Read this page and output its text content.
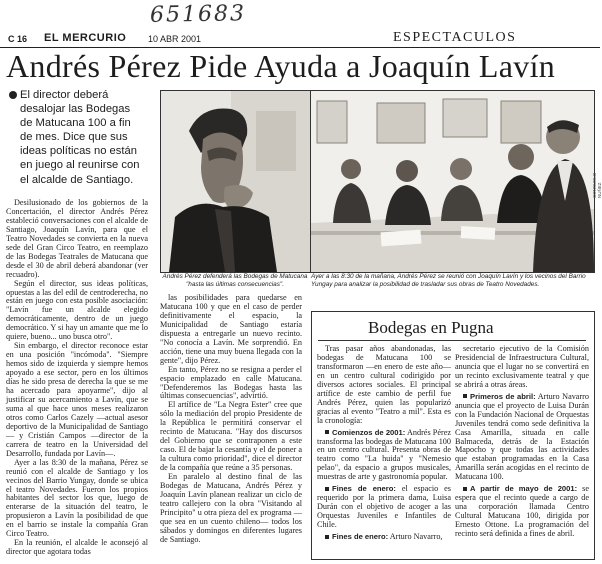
651683
C 16 EL MERCURIO 10 ABR 2001	ESPECTACULOS
Andrés Pérez Pide Ayuda a Joaquín Lavín
El director deberá desalojar las Bodegas de Matucana 100 a fin de mes. Dice que sus ideas políticas no están en juego al reunirse con el alcalde de Santiago.
Andrés Pérez defenderá las Bodegas de Matucana "hasta las últimas consecuencias".
Ayer a las 8:30 de la mañana, Andrés Pérez se reunió con Joaquín Lavín y los vecinos del Barrio Yungay para analizar la posibilidad de trasladar sus obras de Teatro Novedades.
CONSUELO NUÑEZ

Desilusionado de los gobiernos de la Concertación, el director Andrés Pérez estableció conversaciones con el alcalde de Santiago, Joaquín Lavín, para que el Teatro Novedades se convierta en la nueva sede del Gran Circo Teatro, en reemplazo de las Bodegas Teatrales de Matucana que desde el 30 de abril deberá abandonar (ver recuadro).

Según el director, sus ideas políticas, opuestas a las del edil de centroderecha, no están en juego con esta posible asociación: "Lavín fue un alcalde elegido democráticamente, dentro de un juego democrático. Y si hay un amante que me lo quiere, bueno... uno busca otro".

Sin embargo, el director reconoce estar en una posición "incómoda". "Siempre hemos sido de izquierda y siempre hemos apoyado a ese sector, pero en los últimos días he sido presa de derecha la que se me ha acercado para apoyarme", dijo al justificar su acercamiento a Lavín, que se suma al que hace unos meses realizaron otros como Carlos Cazely —actual asesor deportivo de la Municipalidad de Santiago— y Cristián Campos —director de la carrera de teatro en la Universidad del Desarrollo, fundada por Lavín—.

Ayer a las 8:30 de la mañana, Pérez se reunió con el alcalde de Santiago y los vecinos del Barrio Yungay, donde se ubica el teatro Novedades. Fueron los propios habitantes del sector los que, luego de enterarse de la situación del teatro, le propusieron a Lavín la posibilidad de que en el barrio se instale la compañía Gran Circo Teatro.

En la reunión, el alcalde le aconsejó al director que agotara todas

las posibilidades para quedarse en Matucana 100 y que en el caso de perder definitivamente el espacio, la Municipalidad de Santiago estaría dispuesta a entregarle un nuevo recinto. "No conocía a Lavín. Me sorprendió. En acción, tiene una muy buena llegada con la gente", dijo Pérez.

En tanto, Pérez no se resigna a perder el espacio emplazado en calle Matucana. "Defenderemos las Bodegas hasta las últimas consecuencias", advirtió.

El artífice de "La Negra Ester" cree que sólo la mediación del propio Presidente de la República le permitirá conservar el recinto de Matucana. "Hay dos discursos del Gobierno que se contraponen a este caso. El de bajar la cesantía y el de poner a la cultura como prioridad", dice el director de la compañía que reúne a 35 personas.

En paralelo al destino final de las Bodegas de Matucana, Andrés Pérez y Joaquín Lavín planean realizar un ciclo de teatro callejero con la obra "Visitando al Principito" u otra pieza del ex programa —que sea en un cuento chileno— todos los sábados y domingos en diferentes lugares de Santiago.

Bodegas en Pugna

Tras pasar años abandonadas, las bodegas de Matucana 100 se transformaron —en enero de este año— en un centro cultural codirigido por diversos actores sociales. El principal artífice de este cambio de perfil fue Andrés Pérez, quien las popularizó gracias al evento "Teatro a mil". Esta es la cronología:

Comienzos de 2001: Andrés Pérez transforma las bodegas de Matucana 100 en un centro cultural. Presenta obras de teatro como "La huida" y "Nemesio pelao", da espacio a grupos musicales, muestras de arte y gastronomía popular.

Fines de enero: el espacio es requerido por la primera dama, Luisa Durán con el objetivo de acoger a las Orquestas Juveniles e Infantiles de Chile.

Fines de enero: Arturo Navarro,

secretario ejecutivo de la Comisión Presidencial de Infraestructura Cultural, anuncia que el lugar no se convertirá en un recinto exclusivamente teatral y que se abrirá a otras áreas.

Primeros de abril: Arturo Navarro anuncia que el proyecto de Luisa Durán con la Fundación Nacional de Orquestas Juveniles tendrá como sede definitiva la Casa Amarilla, situada en calle Balmaceda, detrás de la Estación Mapocho y que todas las actividades que estaban programadas en la Casa Amarilla serán acogidas en el recinto de Matucana 100.

A partir de mayo de 2001: se espera que el recinto quede a cargo de una corporación llamada Centro Cultural Matucana 100, dirigida por Ernesto Ottone. La programación del recinto será definida a fines de abril.
